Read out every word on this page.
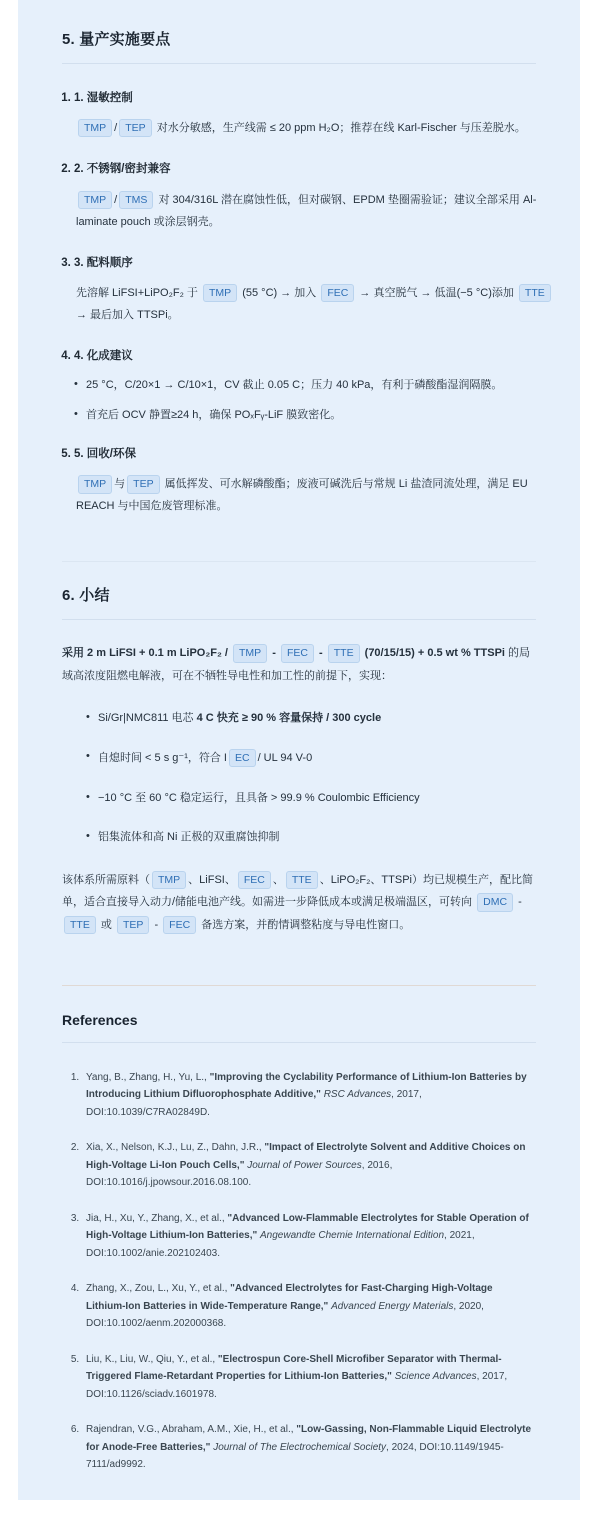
5. 量产实施要点
1. 1. 湿敏控制
TMP / TEP 对水分敏感，生产线需 ≤ 20 ppm H₂O；推荐在线 Karl-Fischer 与压差脱水。
2. 2. 不锈钢/密封兼容
TMP / TMS 对 304/316L 潜在腐蚀性低，但对碳钢、EPDM 垫圈需验证；建议全部采用 Al-laminate pouch 或涂层钢壳。
3. 3. 配料顺序
先溶解 LiFSI+LiPO₂F₂ 于 TMP (55 °C) → 加入 FEC → 真空脱气 → 低温(−5 °C)添加 TTE → 最后加入 TTSPi。
4. 4. 化成建议
• 25 °C，C/20×1 → C/10×1，CV 截止 0.05 C；压力 40 kPa，有利于磷酸酯湿润隔膜。
• 首充后 OCV 静置≥24 h，确保 POₓFᵧ-LiF 膜致密化。
5. 5. 回收/环保
TMP 与 TEP 属低挥发、可水解磷酸酯；废液可碱洗后与常规 Li 盐渣同流处理，满足 EU REACH 与中国危废管理标准。
6. 小结

采用 2 m LiFSI + 0.1 m LiPO₂F₂ / TMP - FEC - TTE (70/15/15) + 0.5 wt % TTSPi 的局域高浓度阻燃电解液，可在不牺牲导电性和加工性的前提下，实现：

• Si/Gr|NMC811 电芯 4 C 快充 ≥ 90 % 容量保持 / 300 cycle
• 自熄时间 < 5 s g⁻¹，符合 I EC / UL 94 V-0
• −10 °C 至 60 °C 稳定运行，且具备 > 99.9 % Coulombic Efficiency
• 铝集流体和高 Ni 正极的双重腐蚀抑制

该体系所需原料（ TMP 、LiFSI、 FEC 、 TTE 、LiPO₂F₂、TTSPi）均已规模生产，配比简单，适合直接导入动力/储能电池产线。如需进一步降低成本或满足极端温区，可转向 DMC - TTE 或 TEP - FEC 备选方案，并酌情调整粘度与导电性窗口。

References
1. Yang, B., Zhang, H., Yu, L., "Improving the Cyclability Performance of Lithium-Ion Batteries by Introducing Lithium Difluorophosphate Additive," RSC Advances, 2017, DOI:10.1039/C7RA02849D.
2. Xia, X., Nelson, K.J., Lu, Z., Dahn, J.R., "Impact of Electrolyte Solvent and Additive Choices on High-Voltage Li-Ion Pouch Cells," Journal of Power Sources, 2016, DOI:10.1016/j.jpowsour.2016.08.100.
3. Jia, H., Xu, Y., Zhang, X., et al., "Advanced Low-Flammable Electrolytes for Stable Operation of High-Voltage Lithium-Ion Batteries," Angewandte Chemie International Edition, 2021, DOI:10.1002/anie.202102403.
4. Zhang, X., Zou, L., Xu, Y., et al., "Advanced Electrolytes for Fast-Charging High-Voltage Lithium-Ion Batteries in Wide-Temperature Range," Advanced Energy Materials, 2020, DOI:10.1002/aenm.202000368.
5. Liu, K., Liu, W., Qiu, Y., et al., "Electrospun Core-Shell Microfiber Separator with Thermal-Triggered Flame-Retardant Properties for Lithium-Ion Batteries," Science Advances, 2017, DOI:10.1126/sciadv.1601978.
6. Rajendran, V.G., Abraham, A.M., Xie, H., et al., "Low-Gassing, Non-Flammable Liquid Electrolyte for Anode-Free Batteries," Journal of The Electrochemical Society, 2024, DOI:10.1149/1945-7111/ad9992.
